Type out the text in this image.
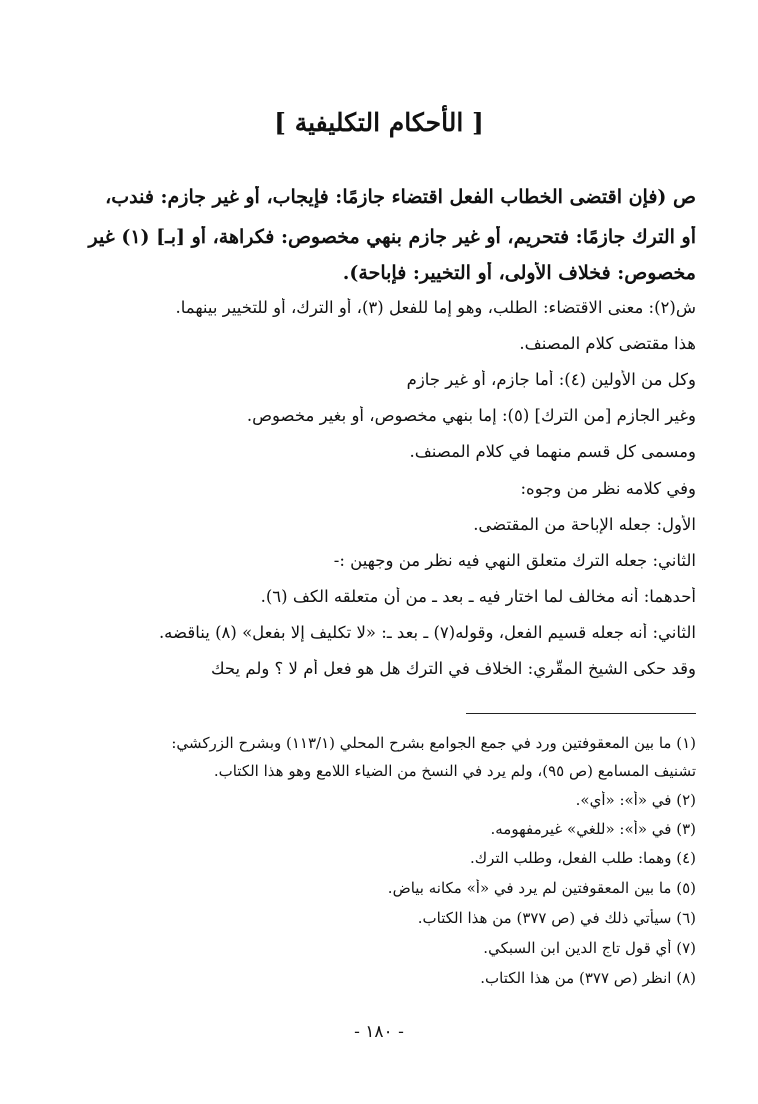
[ الأحكام التكليفية ]
ص (فإن اقتضى الخطاب الفعل اقتضاء جازمًا: فإيجاب، أو غير جازم: فندب،
أو الترك جازمًا: فتحريم، أو غير جازم بنهي مخصوص: فكراهة، أو [بـ] (١) غير
مخصوص: فخلاف الأولى، أو التخيير: فإباحة).
ش(٢): معنى الاقتضاء: الطلب، وهو إما للفعل (٣)، أو الترك، أو للتخيير بينهما.
هذا مقتضى كلام المصنف.
وكل من الأولين (٤): أما جازم، أو غير جازم
وغير الجازم [من الترك] (٥): إما بنهي مخصوص، أو بغير مخصوص.
ومسمى كل قسم منهما في كلام المصنف.
وفي كلامه نظر من وجوه:
الأول: جعله الإباحة من المقتضى.
الثاني: جعله الترك متعلق النهي فيه نظر من وجهين :-
أحدهما: أنه مخالف لما اختار فيه ـ بعد ـ من أن متعلقه الكف (٦).
الثاني: أنه جعله قسيم الفعل، وقوله(٧) ـ بعد ـ: «لا تكليف إلا بفعل» (٨) يناقضه.
وقد حكى الشيخ المقَّري: الخلاف في الترك هل هو فعل أم لا ؟ ولم يحك
(١) ما بين المعقوفتين ورد في جمع الجوامع بشرح المحلي (١١٣/١) وبشرح الزركشي:
تشنيف المسامع (ص ٩٥)، ولم يرد في النسخ من الضياء اللامع وهو هذا الكتاب.
(٢) في «أ»: «أي».
(٣) في «أ»: «للغي» غيرمفهومه.
(٤) وهما: طلب الفعل، وطلب الترك.
(٥) ما بين المعقوفتين لم يرد في «أ» مكانه بياض.
(٦) سيأتي ذلك في (ص ٣٧٧) من هذا الكتاب.
(٧) أي قول تاج الدين ابن السبكي.
(٨) انظر (ص ٣٧٧) من هذا الكتاب.
- ١٨٠ -
